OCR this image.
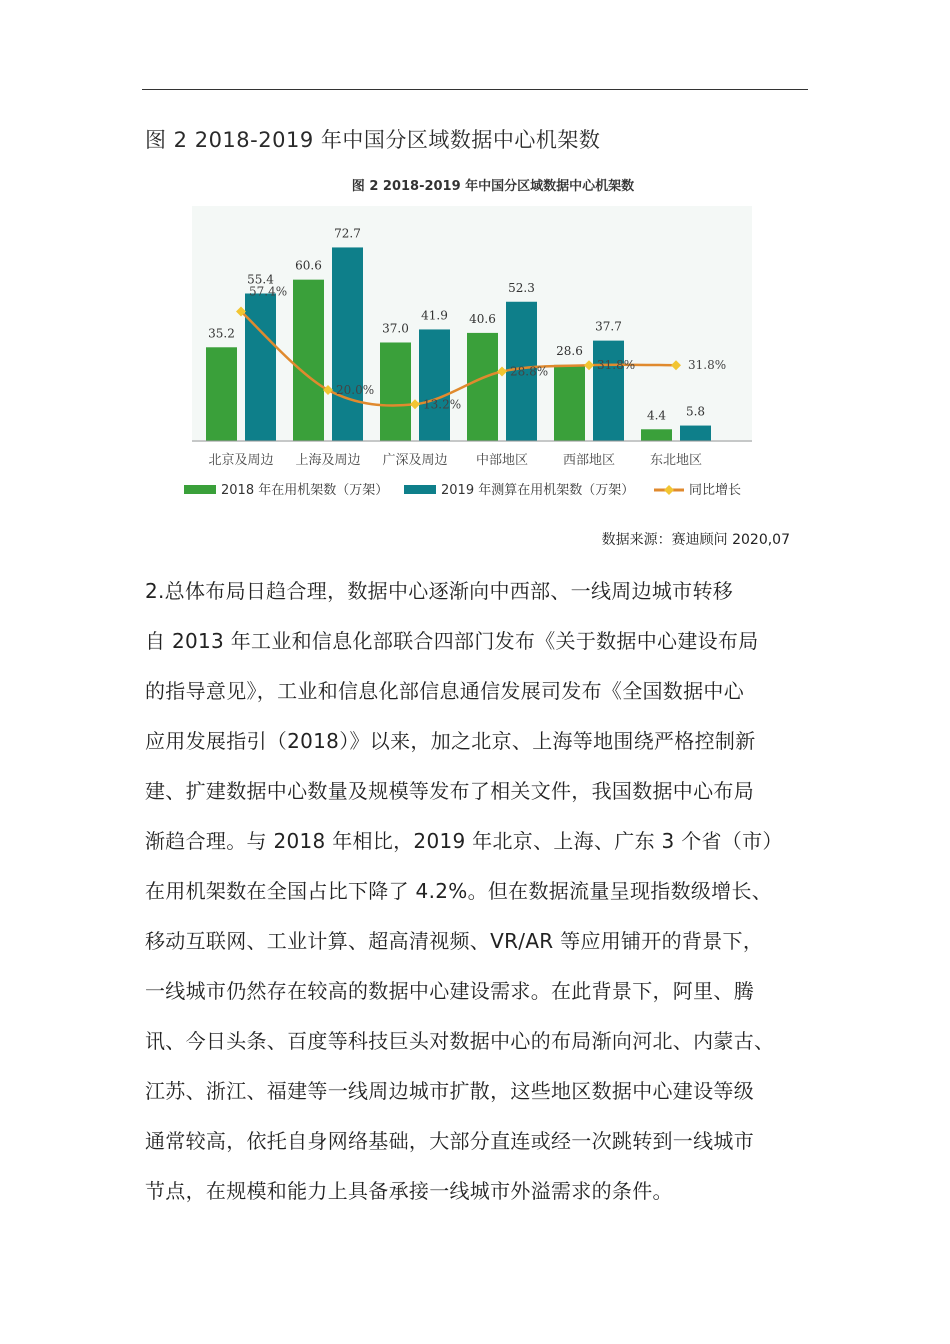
图 2 2018-2019 年中国分区域数据中心机架数
图 2 2018-2019 年中国分区域数据中心机架数
35.2
55.4
北京及周边
60.6
72.7
上海及周边
37.0
41.9
广深及周边
40.6
52.3
中部地区
28.6
37.7
西部地区
4.4 5.8
东北地区
57.4%
20.0%
13.2%
28.8%	31.8%	31.8%
2018 年在用机架数（万架）	2019 年测算在用机架数（万架）	同比增长
数据来源：赛迪顾问 2020,07

2.总体布局日趋合理，数据中心逐渐向中西部、一线周边城市转移

自 2013 年工业和信息化部联合四部门发布《关于数据中心建设布局

的指导意见》，工业和信息化部信息通信发展司发布《全国数据中心

应用发展指引（2018）》以来，加之北京、上海等地围绕严格控制新

建、扩建数据中心数量及规模等发布了相关文件，我国数据中心布局

渐趋合理。与 2018 年相比，2019 年北京、上海、广东 3 个省（市）

在用机架数在全国占比下降了 4.2%。但在数据流量呈现指数级增长、

移动互联网、工业计算、超高清视频、VR/AR 等应用铺开的背景下，

一线城市仍然存在较高的数据中心建设需求。在此背景下，阿里、腾

讯、今日头条、百度等科技巨头对数据中心的布局渐向河北、内蒙古、

江苏、浙江、福建等一线周边城市扩散，这些地区数据中心建设等级

通常较高，依托自身网络基础，大部分直连或经一次跳转到一线城市

节点，在规模和能力上具备承接一线城市外溢需求的条件。
